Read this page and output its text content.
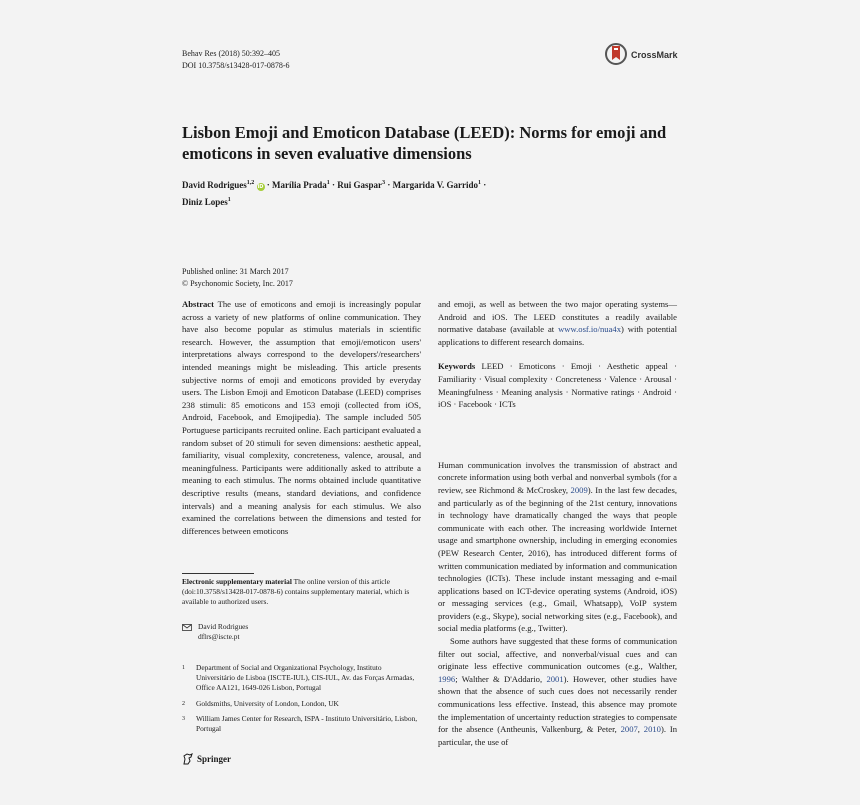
Behav Res (2018) 50:392–405
DOI 10.3758/s13428-017-0878-6
CrossMark
Lisbon Emoji and Emoticon Database (LEED): Norms for emoji and emoticons in seven evaluative dimensions
David Rodrigues$^{1,2}$ iD · Marília Prada$^1$ · Rui Gaspar$^3$ · Margarida V. Garrido$^1$ ·
Diniz Lopes$^1$
Published online: 31 March 2017
© Psychonomic Society, Inc. 2017

Abstract The use of emoticons and emoji is increasingly popular across a variety of new platforms of online communication. They have also become popular as stimulus materials in scientific research. However, the assumption that emoji/emoticon users' interpretations always correspond to the developers'/researchers' intended meanings might be misleading. This article presents subjective norms of emoji and emoticons provided by everyday users. The Lisbon Emoji and Emoticon Database (LEED) comprises 238 stimuli: 85 emoticons and 153 emoji (collected from iOS, Android, Facebook, and Emojipedia). The sample included 505 Portuguese participants recruited online. Each participant evaluated a random subset of 20 stimuli for seven dimensions: aesthetic appeal, familiarity, visual complexity, concreteness, valence, arousal, and meaningfulness. Participants were additionally asked to attribute a meaning to each stimulus. The norms obtained include quantitative descriptive results (means, standard deviations, and confidence intervals) and a meaning analysis for each stimulus. We also examined the correlations between the dimensions and tested for differences between emoticons

and emoji, as well as between the two major operating systems—Android and iOS. The LEED constitutes a readily available normative database (available at www.osf.io/nua4x) with potential applications to different research domains.

Keywords LEED · Emoticons · Emoji · Aesthetic appeal · Familiarity · Visual complexity · Concreteness · Valence · Arousal · Meaningfulness · Meaning analysis · Normative ratings · Android · iOS · Facebook · ICTs

Human communication involves the transmission of abstract and concrete information using both verbal and nonverbal symbols (for a review, see Richmond & McCroskey, 2009). In the last few decades, and particularly as of the beginning of the 21st century, innovations in technology have dramatically changed the ways that people communicate with each other. The increasing worldwide Internet usage and smartphone ownership, including in emerging economies (PEW Research Center, 2016), has introduced different forms of written communication mediated by information and communication technologies (ICTs). These include instant messaging and e-mail applications based on ICT-device operating systems (Android, iOS) or messaging services (e.g., Gmail, Whatsapp), VoIP system providers (e.g., Skype), social networking sites (e.g., Facebook), and social media platforms (e.g., Twitter).

Some authors have suggested that these forms of communication filter out social, affective, and nonverbal/visual cues and can originate less effective communication outcomes (e.g., Walther, 1996; Walther & D'Addario, 2001). However, other studies have shown that the absence of such cues does not necessarily render communications less effective. Instead, this absence may promote the implementation of uncertainty reduction strategies to compensate for the absence (Antheunis, Valkenburg, & Peter, 2007, 2010). In particular, the use of

Electronic supplementary material The online version of this article (doi:10.3758/s13428-017-0878-6) contains supplementary material, which is available to authorized users.
David Rodrigues
dflrs@iscte.pt
1	Department of Social and Organizational Psychology, Instituto Universitário de Lisboa (ISCTE-IUL), CIS-IUL, Av. das Forças Armadas, Office AA121, 1649-026 Lisbon, Portugal
2	Goldsmiths, University of London, London, UK
3	William James Center for Research, ISPA - Instituto Universitário, Lisbon, Portugal
Springer
